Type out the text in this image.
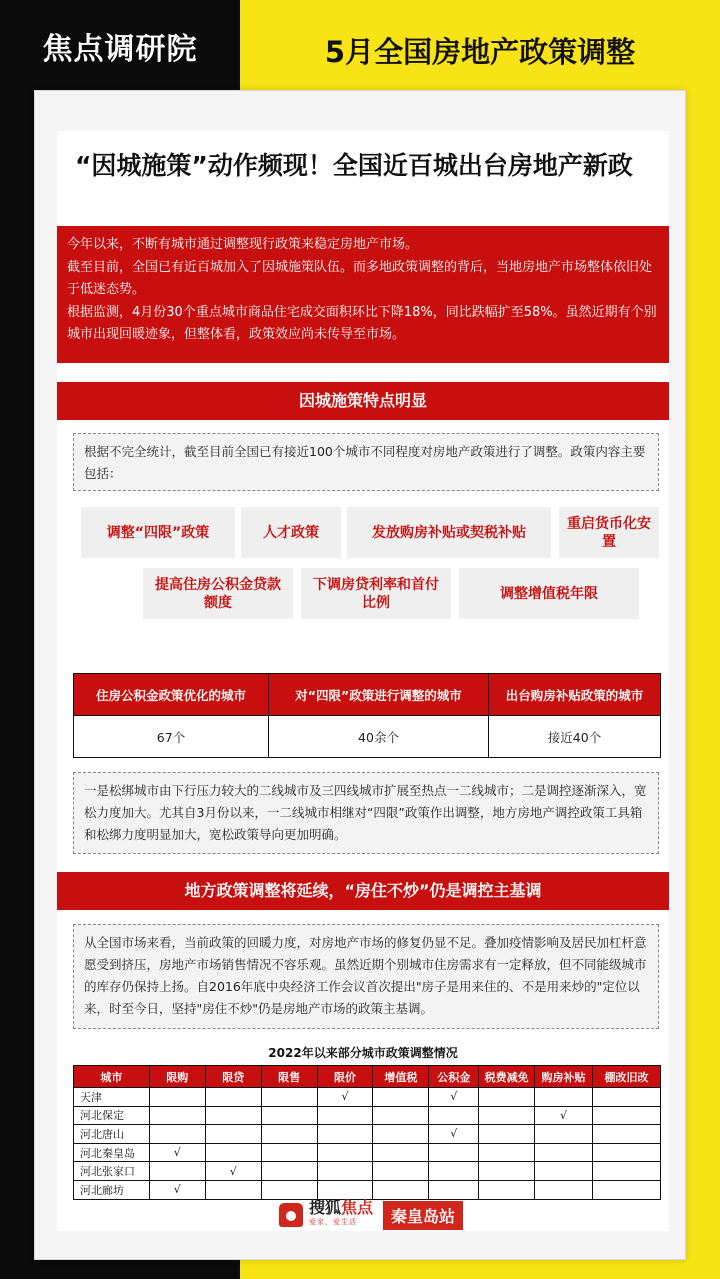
焦点调研院	5月全国房地产政策调整
“因城施策”动作频现！全国近百城出台房地产新政

今年以来，不断有城市通过调整现行政策来稳定房地产市场。

截至目前，全国已有近百城加入了因城施策队伍。而多地政策调整的背后，当地房地产市场整体依旧处于低迷态势。

根据监测，4月份30个重点城市商品住宅成交面积环比下降18%，同比跌幅扩至58%。虽然近期有个别城市出现回暖迹象，但整体看，政策效应尚未传导至市场。

因城施策特点明显
根据不完全统计，截至目前全国已有接近100个城市不同程度对房地产政策进行了调整。政策内容主要包括：
调整“四限”政策	人才政策	发放购房补贴或契税补贴
重启货币化安置
提高住房公积金贷款额度
下调房贷利率和首付比例
调整增值税年限
住房公积金政策优化的城市	对“四限”政策进行调整的城市	出台购房补贴政策的城市
67个	40余个	接近40个
一是松绑城市由下行压力较大的二线城市及三四线城市扩展至热点一二线城市；二是调控逐渐深入，宽松力度加大。尤其自3月份以来，一二线城市相继对“四限”政策作出调整，地方房地产调控政策工具箱和松绑力度明显加大，宽松政策导向更加明确。
地方政策调整将延续，“房住不炒”仍是调控主基调
从全国市场来看，当前政策的回暖力度，对房地产市场的修复仍显不足。叠加疫情影响及居民加杠杆意愿受到挤压，房地产市场销售情况不容乐观。虽然近期个别城市住房需求有一定释放，但不同能级城市的库存仍保持上扬。自2016年底中央经济工作会议首次提出"房子是用来住的、不是用来炒的"定位以来，时至今日，坚持"房住不炒"仍是房地产市场的政策主基调。
2022年以来部分城市政策调整情况
城市	限购	限贷	限售	限价	增值税	公积金	税费减免	购房补贴	棚改旧改
天津				√		√			
河北保定								√	
河北唐山						√			
河北秦皇岛	√								
河北张家口		√							
河北廊坊	√								
搜狐焦点
爱家，爱生活	秦皇岛站
